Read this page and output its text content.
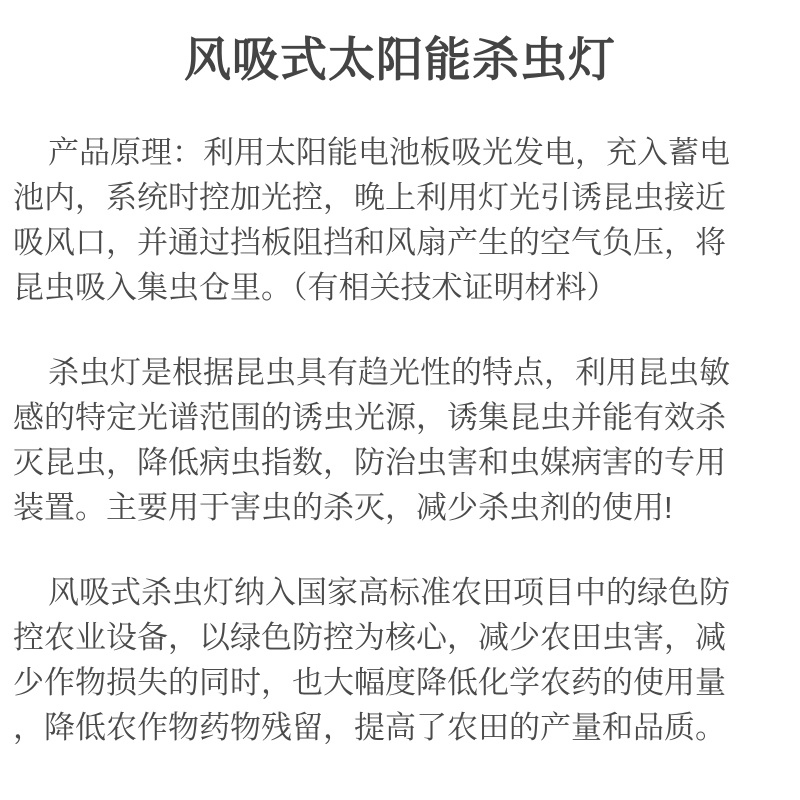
风吸式太阳能杀虫灯
产品原理：利用太阳能电池板吸光发电，充入蓄电
池内，系统时控加光控，晚上利用灯光引诱昆虫接近
吸风口，并通过挡板阻挡和风扇产生的空气负压，将
昆虫吸入集虫仓里。（有相关技术证明材料）
杀虫灯是根据昆虫具有趋光性的特点，利用昆虫敏
感的特定光谱范围的诱虫光源，诱集昆虫并能有效杀
灭昆虫，降低病虫指数，防治虫害和虫媒病害的专用
装置。主要用于害虫的杀灭，减少杀虫剂的使用!
风吸式杀虫灯纳入国家高标准农田项目中的绿色防
控农业设备，以绿色防控为核心，减少农田虫害，减
少作物损失的同时，也大幅度降低化学农药的使用量
，降低农作物药物残留，提高了农田的产量和品质。
